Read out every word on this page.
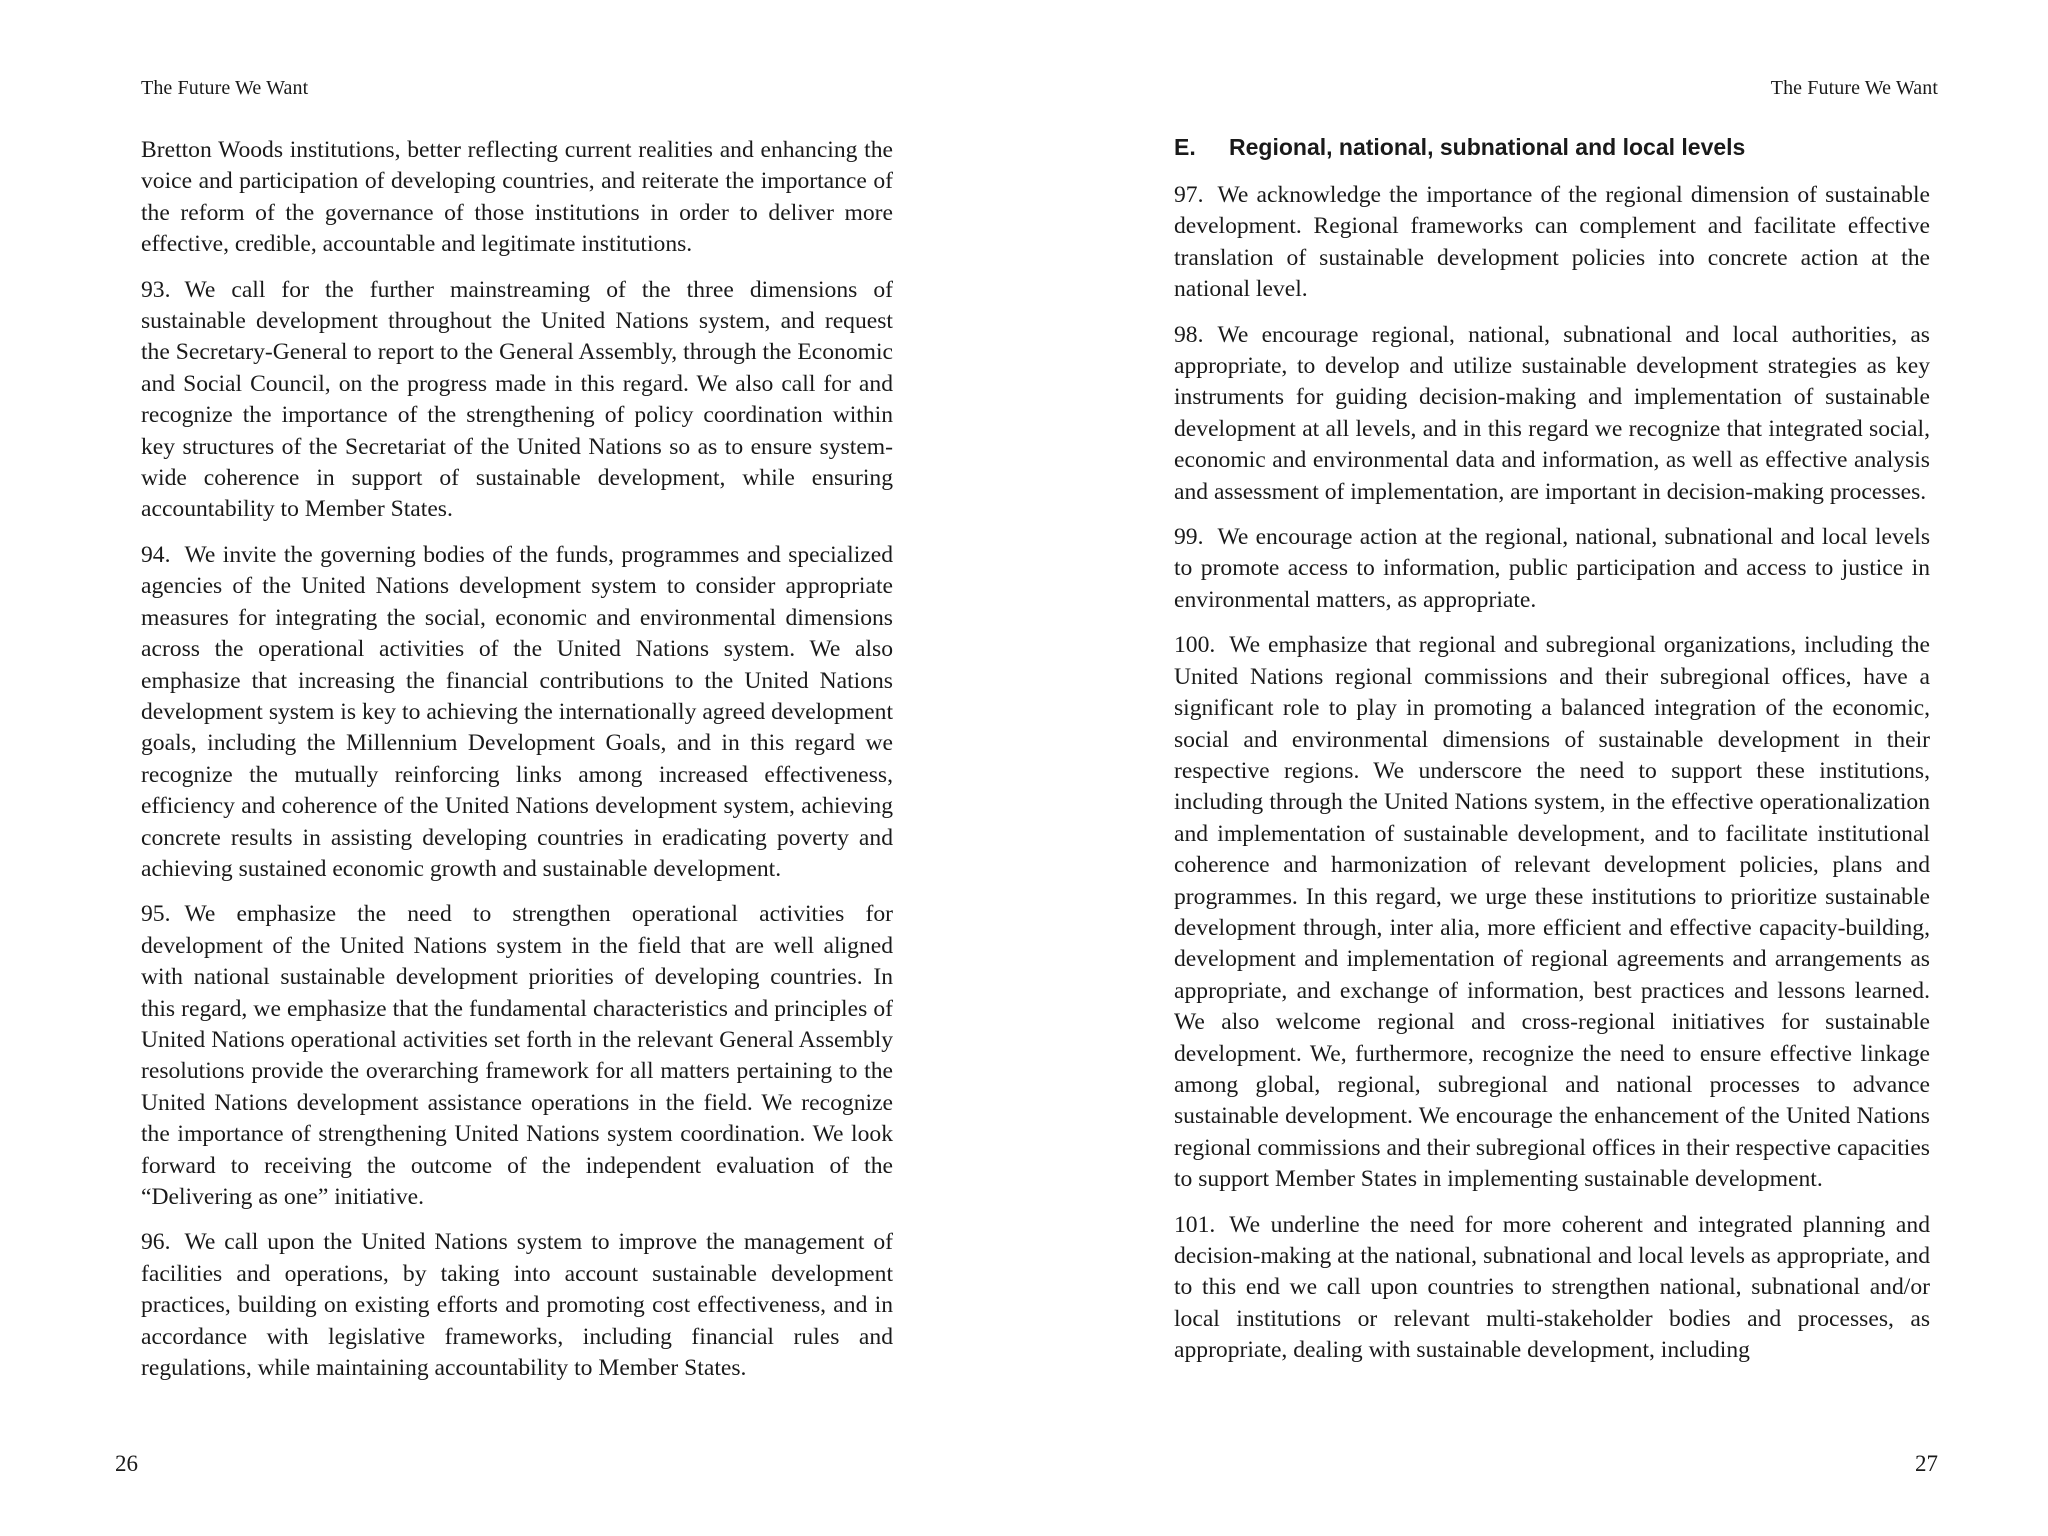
The Future We Want

Bretton Woods institutions, better reflecting current realities and enhancing the voice and participation of developing countries, and reiterate the importance of the reform of the governance of those institutions in order to deliver more effective, credible, accountable and legitimate institutions.

93. We call for the further mainstreaming of the three dimensions of sustainable development throughout the United Nations system, and request the Secretary-General to report to the General Assembly, through the Economic and Social Council, on the progress made in this regard. We also call for and recognize the importance of the strengthening of policy coordination within key structures of the Secretariat of the United Nations so as to ensure system-wide coherence in support of sustainable development, while ensuring accountability to Member States.

94. We invite the governing bodies of the funds, programmes and specialized agencies of the United Nations development system to consider appropriate measures for integrating the social, economic and environmental dimensions across the operational activities of the United Nations system. We also emphasize that increasing the financial contributions to the United Nations development system is key to achieving the internationally agreed development goals, including the Millennium Development Goals, and in this regard we recognize the mutually reinforcing links among increased effectiveness, efficiency and coherence of the United Nations development system, achieving concrete results in assisting developing countries in eradicating poverty and achieving sustained economic growth and sustainable development.

95. We emphasize the need to strengthen operational activities for development of the United Nations system in the field that are well aligned with national sustainable development priorities of developing countries. In this regard, we emphasize that the fundamental characteristics and principles of United Nations operational activities set forth in the relevant General Assembly resolutions provide the overarching framework for all matters pertaining to the United Nations development assistance operations in the field. We recognize the importance of strengthening United Nations system coordination. We look forward to receiving the outcome of the independent evaluation of the “Delivering as one” initiative.

96. We call upon the United Nations system to improve the management of facilities and operations, by taking into account sustainable development practices, building on existing efforts and promoting cost effectiveness, and in accordance with legislative frameworks, including financial rules and regulations, while maintaining accountability to Member States.

26
The Future We Want
E.	Regional, national, subnational and local levels

97. We acknowledge the importance of the regional dimension of sustainable development. Regional frameworks can complement and facilitate effective translation of sustainable development policies into concrete action at the national level.

98. We encourage regional, national, subnational and local authorities, as appropriate, to develop and utilize sustainable development strategies as key instruments for guiding decision-making and implementation of sustainable development at all levels, and in this regard we recognize that integrated social, economic and environmental data and information, as well as effective analysis and assessment of implementation, are important in decision-making processes.

99. We encourage action at the regional, national, subnational and local levels to promote access to information, public participation and access to justice in environmental matters, as appropriate.

100. We emphasize that regional and subregional organizations, including the United Nations regional commissions and their subregional offices, have a significant role to play in promoting a balanced integration of the economic, social and environmental dimensions of sustainable development in their respective regions. We underscore the need to support these institutions, including through the United Nations system, in the effective operationalization and implementation of sustainable development, and to facilitate institutional coherence and harmonization of relevant development policies, plans and programmes. In this regard, we urge these institutions to prioritize sustainable development through, inter alia, more efficient and effective capacity-building, development and implementation of regional agreements and arrangements as appropriate, and exchange of information, best practices and lessons learned. We also welcome regional and cross-regional initiatives for sustainable development. We, furthermore, recognize the need to ensure effective linkage among global, regional, subregional and national processes to advance sustainable development. We encourage the enhancement of the United Nations regional commissions and their subregional offices in their respective capacities to support Member States in implementing sustainable development.

101. We underline the need for more coherent and integrated planning and decision-making at the national, subnational and local levels as appropriate, and to this end we call upon countries to strengthen national, subnational and/or local institutions or relevant multi-stakeholder bodies and processes, as appropriate, dealing with sustainable development, including

27
